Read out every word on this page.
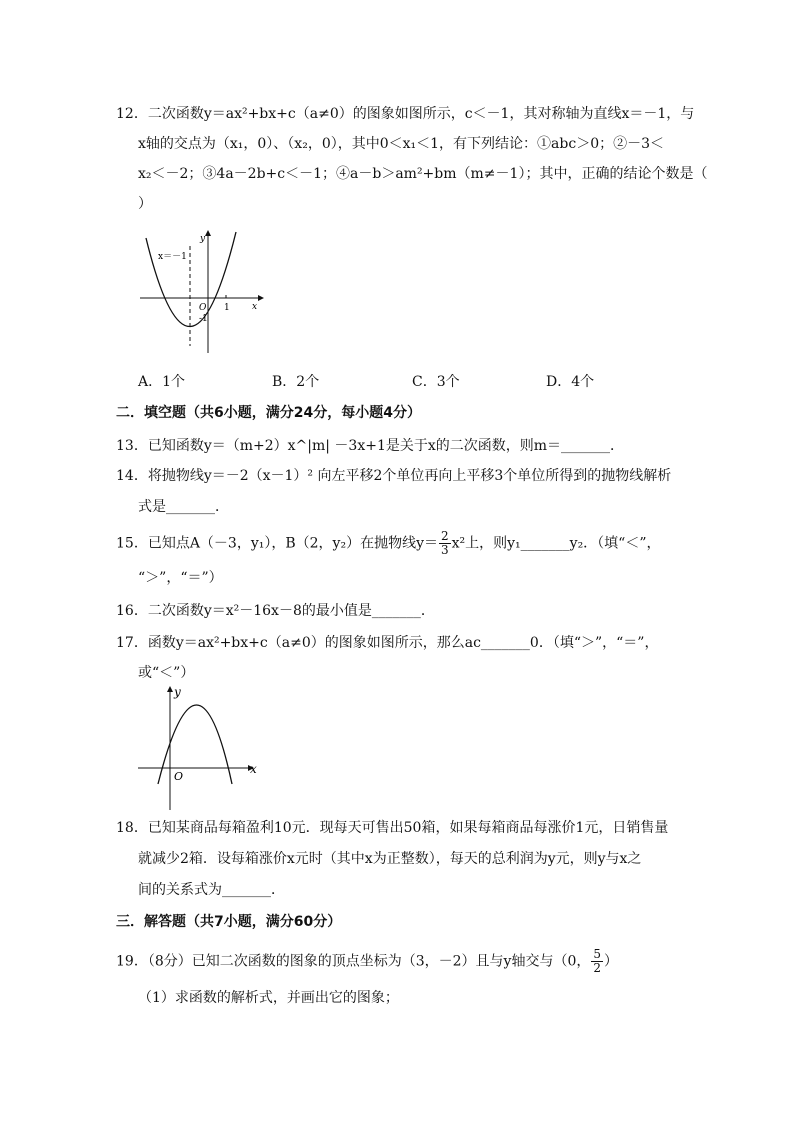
12．二次函数y＝ax²+bx+c（a≠0）的图象如图所示，c＜－1，其对称轴为直线x＝－1，与
x轴的交点为（x₁，0）、（x₂，0），其中0＜x₁＜1，有下列结论：①abc＞0；②－3＜
x₂＜－2；③4a－2b+c＜－1；④a－b＞am²+bm（m≠－1）；其中，正确的结论个数是（
）
x＝－1
y
x
O 1
-1
A．1个	B．2个	C．3个	D．4个
二．填空题（共6小题，满分24分，每小题4分）
13．已知函数y＝（m+2）x^|m| －3x+1是关于x的二次函数，则m＝_______．
14．将抛物线y＝－2（x－1）² 向左平移2个单位再向上平移3个单位所得到的抛物线解析
式是_______．
15．已知点A（－3，y₁），B（2，y₂）在抛物线$y= \frac{2}{3} x^2$上，则y₁_______y₂．（填“＜”，
“＞”，“＝”）
16．二次函数y＝x²－16x－8的最小值是_______．
17．函数y＝ax²+bx+c（a≠0）的图象如图所示，那么ac_______0．（填“＞”，“＝”，
或“＜”）
y
x
O
18．已知某商品每箱盈利10元．现每天可售出50箱，如果每箱商品每涨价1元，日销售量
就减少2箱．设每箱涨价x元时（其中x为正整数），每天的总利润为y元，则y与x之
间的关系式为_______．
三．解答题（共7小题，满分60分）
19．（8分）已知二次函数的图象的顶点坐标为（3，－2）且与y轴交与（0， $\frac{5}{2}$ ）
（1）求函数的解析式，并画出它的图象；
